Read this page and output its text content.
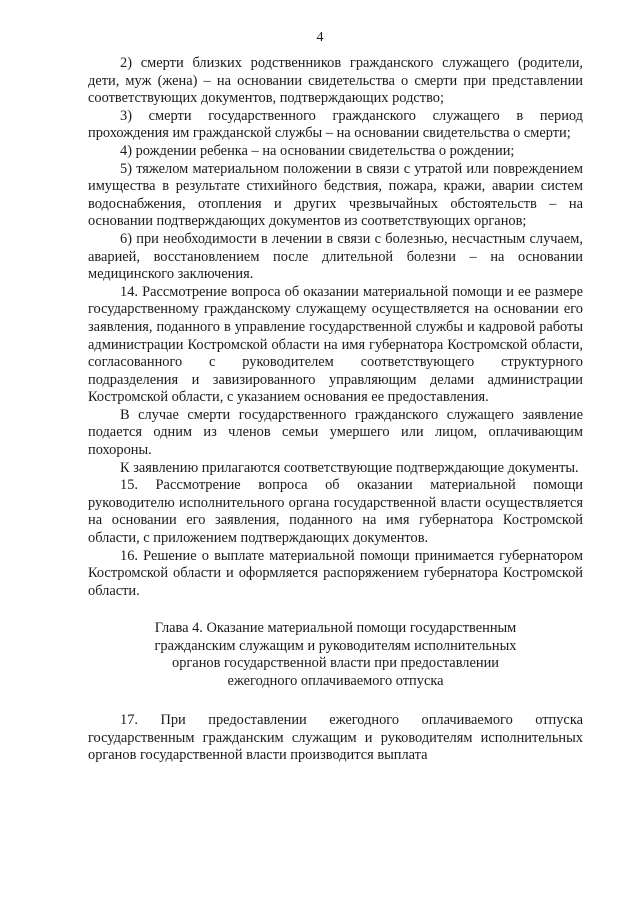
4

2) смерти близких родственников гражданского служащего (родители, дети, муж (жена) – на основании свидетельства о смерти при представлении соответствующих документов, подтверждающих родство;

3) смерти государственного гражданского служащего в период прохождения им гражданской службы – на основании свидетельства о смерти;

4) рождении ребенка – на основании свидетельства о рождении;

5) тяжелом материальном положении в связи с утратой или повреждением имущества в результате стихийного бедствия, пожара, кражи, аварии систем водоснабжения, отопления и других чрезвычайных обстоятельств – на основании подтверждающих документов из соответствующих органов;

6) при необходимости в лечении в связи с болезнью, несчастным случаем, аварией, восстановлением после длительной болезни – на основании медицинского заключения.

14. Рассмотрение вопроса об оказании материальной помощи и ее размере государственному гражданскому служащему осуществляется на основании его заявления, поданного в управление государственной службы и кадровой работы администрации Костромской области на имя губернатора Костромской области, согласованного с руководителем соответствующего структурного подразделения и завизированного управляющим делами администрации Костромской области, с указанием основания ее предоставления.

В случае смерти государственного гражданского служащего заявление подается одним из членов семьи умершего или лицом, оплачивающим похороны.

К заявлению прилагаются соответствующие подтверждающие документы.

15. Рассмотрение вопроса об оказании материальной помощи руководителю исполнительного органа государственной власти осуществляется на основании его заявления, поданного на имя губернатора Костромской области, с приложением подтверждающих документов.

16. Решение о выплате материальной помощи принимается губернатором Костромской области и оформляется распоряжением губернатора Костромской области.

Глава 4. Оказание материальной помощи государственным гражданским служащим и руководителям исполнительных органов государственной власти при предоставлении ежегодного оплачиваемого отпуска

17. При предоставлении ежегодного оплачиваемого отпуска государственным гражданским служащим и руководителям исполнительных органов государственной власти производится выплата
